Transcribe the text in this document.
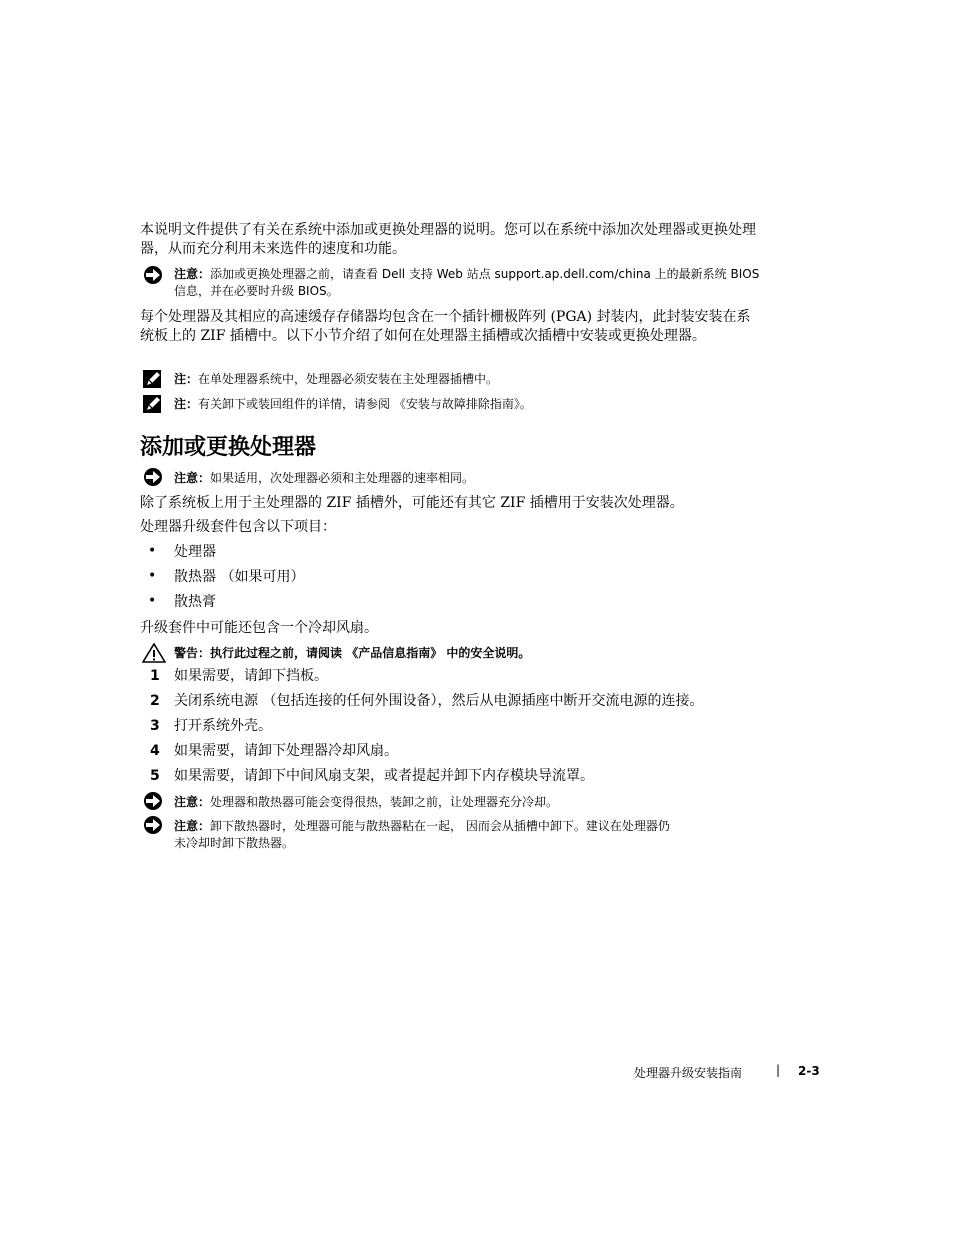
本说明文件提供了有关在系统中添加或更换处理器的说明。您可以在系统中添加次处理器或更换处理器，从而充分利用未来选件的速度和功能。
注意：添加或更换处理器之前，请查看 Dell 支持 Web 站点 support.ap.dell.com/china 上的最新系统 BIOS 信息，并在必要时升级 BIOS。
每个处理器及其相应的高速缓存存储器均包含在一个插针栅极阵列 (PGA) 封装内，此封装安装在系统板上的 ZIF 插槽中。以下小节介绍了如何在处理器主插槽或次插槽中安装或更换处理器。
注：在单处理器系统中，处理器必须安装在主处理器插槽中。
注：有关卸下或装回组件的详情，请参阅 《安装与故障排除指南》。
添加或更换处理器
注意：如果适用，次处理器必须和主处理器的速率相同。
除了系统板上用于主处理器的 ZIF 插槽外，可能还有其它 ZIF 插槽用于安装次处理器。
处理器升级套件包含以下项目：
• 处理器
• 散热器 （如果可用）
• 散热膏
升级套件中可能还包含一个冷却风扇。
警告：执行此过程之前，请阅读 《产品信息指南》 中的安全说明。
1 如果需要，请卸下挡板。
2 关闭系统电源 （包括连接的任何外围设备），然后从电源插座中断开交流电源的连接。
3 打开系统外壳。
4 如果需要，请卸下处理器冷却风扇。
5 如果需要，请卸下中间风扇支架，或者提起并卸下内存模块导流罩。
注意：处理器和散热器可能会变得很热，装卸之前，让处理器充分冷却。
注意：卸下散热器时，处理器可能与散热器粘在一起， 因而会从插槽中卸下。建议在处理器仍未冷却时卸下散热器。
处理器升级安装指南	| 2-3
